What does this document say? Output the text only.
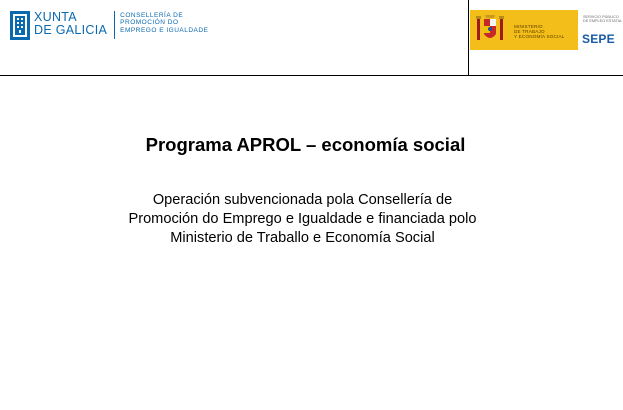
XUNTA
DE GALICIA
CONSELLERÍA DE
PROMOCIÓN DO
EMPREGO E IGUALDADE
MINISTERIO
DE TRABAJO
Y ECONOMÍA SOCIAL
SERVICIO PÚBLICO
DE EMPLEO ESTATAL
SEPE
Programa APROL – economía social
Operación subvencionada pola Consellería de
Promoción do Emprego e Igualdade e financiada polo
Ministerio de Traballo e Economía Social
